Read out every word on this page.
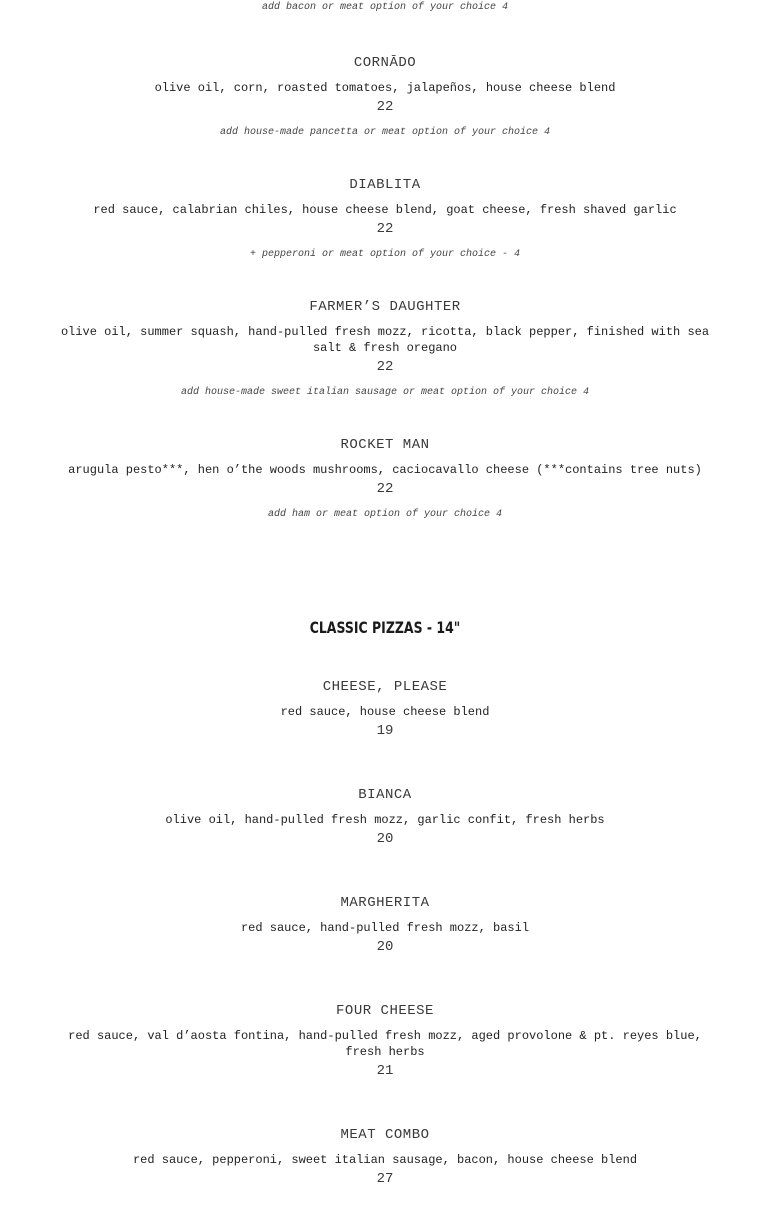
add bacon or meat option of your choice 4

CORNĀDO

olive oil, corn, roasted tomatoes, jalapeños, house cheese blend

22

add house-made pancetta or meat option of your choice 4

DIABLITA

red sauce, calabrian chiles, house cheese blend, goat cheese, fresh shaved garlic

22

+ pepperoni or meat option of your choice - 4

FARMER’S DAUGHTER

olive oil, summer squash, hand-pulled fresh mozz, ricotta, black pepper, finished with sea salt & fresh oregano

22

add house-made sweet italian sausage or meat option of your choice 4

ROCKET MAN

arugula pesto***, hen o’the woods mushrooms, caciocavallo cheese (***contains tree nuts)

22

add ham or meat option of your choice 4

CLASSIC PIZZAS - 14"

CHEESE, PLEASE

red sauce, house cheese blend

19

BIANCA

olive oil, hand-pulled fresh mozz, garlic confit, fresh herbs

20

MARGHERITA

red sauce, hand-pulled fresh mozz, basil

20

FOUR CHEESE

red sauce, val d’aosta fontina, hand-pulled fresh mozz, aged provolone & pt. reyes blue, fresh herbs

21

MEAT COMBO

red sauce, pepperoni, sweet italian sausage, bacon, house cheese blend

27
